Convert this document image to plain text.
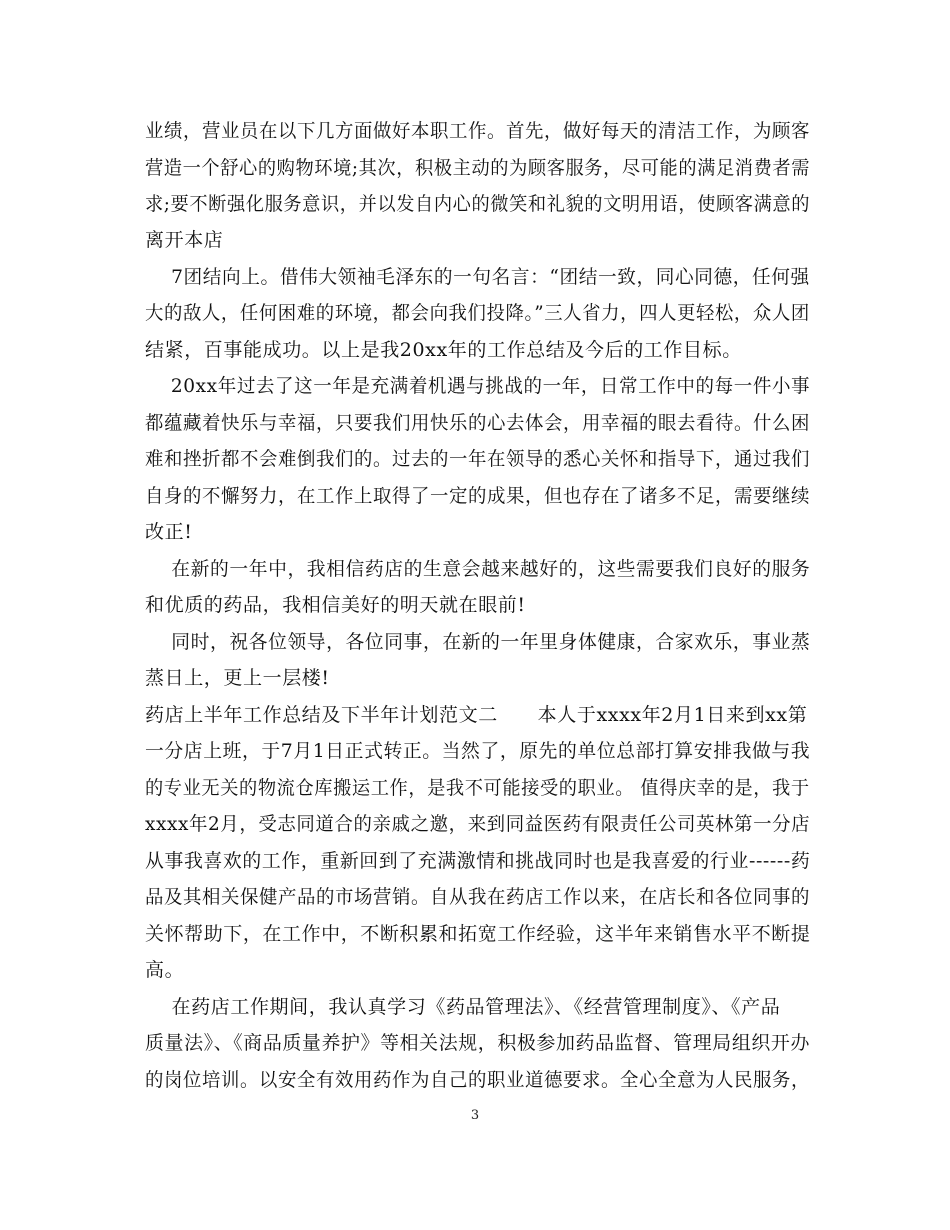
业绩，营业员在以下几方面做好本职工作。首先，做好每天的清洁工作，为顾客
营造一个舒心的购物环境;其次，积极主动的为顾客服务，尽可能的满足消费者需
求;要不断强化服务意识，并以发自内心的微笑和礼貌的文明用语，使顾客满意的
离开本店
7团结向上。借伟大领袖毛泽东的一句名言：“团结一致，同心同德，任何强
大的敌人，任何困难的环境，都会向我们投降。”三人省力，四人更轻松，众人团
结紧，百事能成功。以上是我20xx年的工作总结及今后的工作目标。
20xx年过去了这一年是充满着机遇与挑战的一年，日常工作中的每一件小事
都蕴藏着快乐与幸福，只要我们用快乐的心去体会，用幸福的眼去看待。什么困
难和挫折都不会难倒我们的。过去的一年在领导的悉心关怀和指导下，通过我们
自身的不懈努力，在工作上取得了一定的成果，但也存在了诸多不足，需要继续
改正!
在新的一年中，我相信药店的生意会越来越好的，这些需要我们良好的服务
和优质的药品，我相信美好的明天就在眼前!
同时，祝各位领导，各位同事，在新的一年里身体健康，合家欢乐，事业蒸
蒸日上，更上一层楼!
药店上半年工作总结及下半年计划范文二      本人于xxxx年2月1日来到xx第
一分店上班，于7月1日正式转正。当然了，原先的单位总部打算安排我做与我
的专业无关的物流仓库搬运工作，是我不可能接受的职业。 值得庆幸的是，我于
xxxx年2月，受志同道合的亲戚之邀，来到同益医药有限责任公司英林第一分店
从事我喜欢的工作，重新回到了充满激情和挑战同时也是我喜爱的行业------药
品及其相关保健产品的市场营销。自从我在药店工作以来，在店长和各位同事的
关怀帮助下，在工作中，不断积累和拓宽工作经验，这半年来销售水平不断提
高。
在药店工作期间，我认真学习《药品管理法》、《经营管理制度》、《产品
质量法》、《商品质量养护》等相关法规，积极参加药品监督、管理局组织开办
的岗位培训。以安全有效用药作为自己的职业道德要求。全心全意为人民服务，
3
